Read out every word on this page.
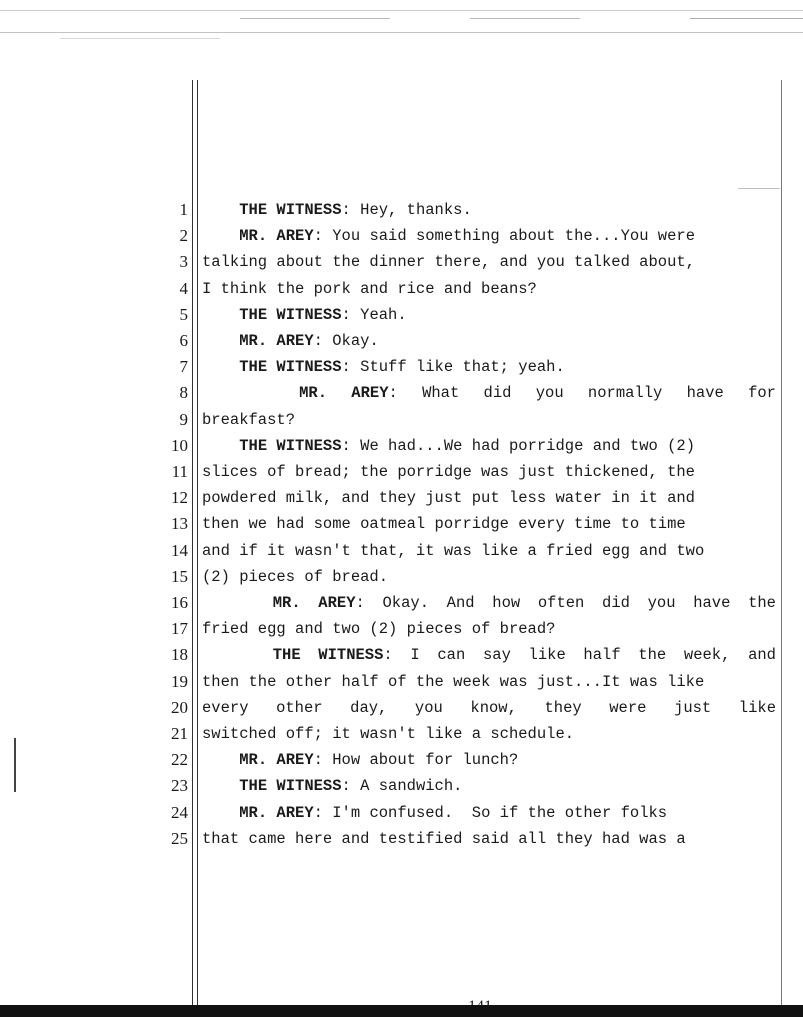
1	THE WITNESS: Hey, thanks.
2	MR. AREY: You said something about the...You were
3 talking about the dinner there, and you talked about,
4 I think the pork and rice and beans?
5	THE WITNESS: Yeah.
6	MR. AREY: Okay.
7	THE WITNESS: Stuff like that; yeah.
8	MR. AREY: What did you normally have for
9 breakfast?
10	THE WITNESS: We had...We had porridge and two (2)
11 slices of bread; the porridge was just thickened, the
12 powdered milk, and they just put less water in it and
13 then we had some oatmeal porridge every time to time
14 and if it wasn't that, it was like a fried egg and two
15 (2) pieces of bread.
16	MR. AREY: Okay. And how often did you have the
17 fried egg and two (2) pieces of bread?
18	THE WITNESS: I can say like half the week, and
19 then the other half of the week was just...It was like
20 every other day, you know, they were just like
21 switched off; it wasn't like a schedule.
22	MR. AREY: How about for lunch?
23	THE WITNESS: A sandwich.
24	MR. AREY: I'm confused.  So if the other folks
25 that came here and testified said all they had was a
